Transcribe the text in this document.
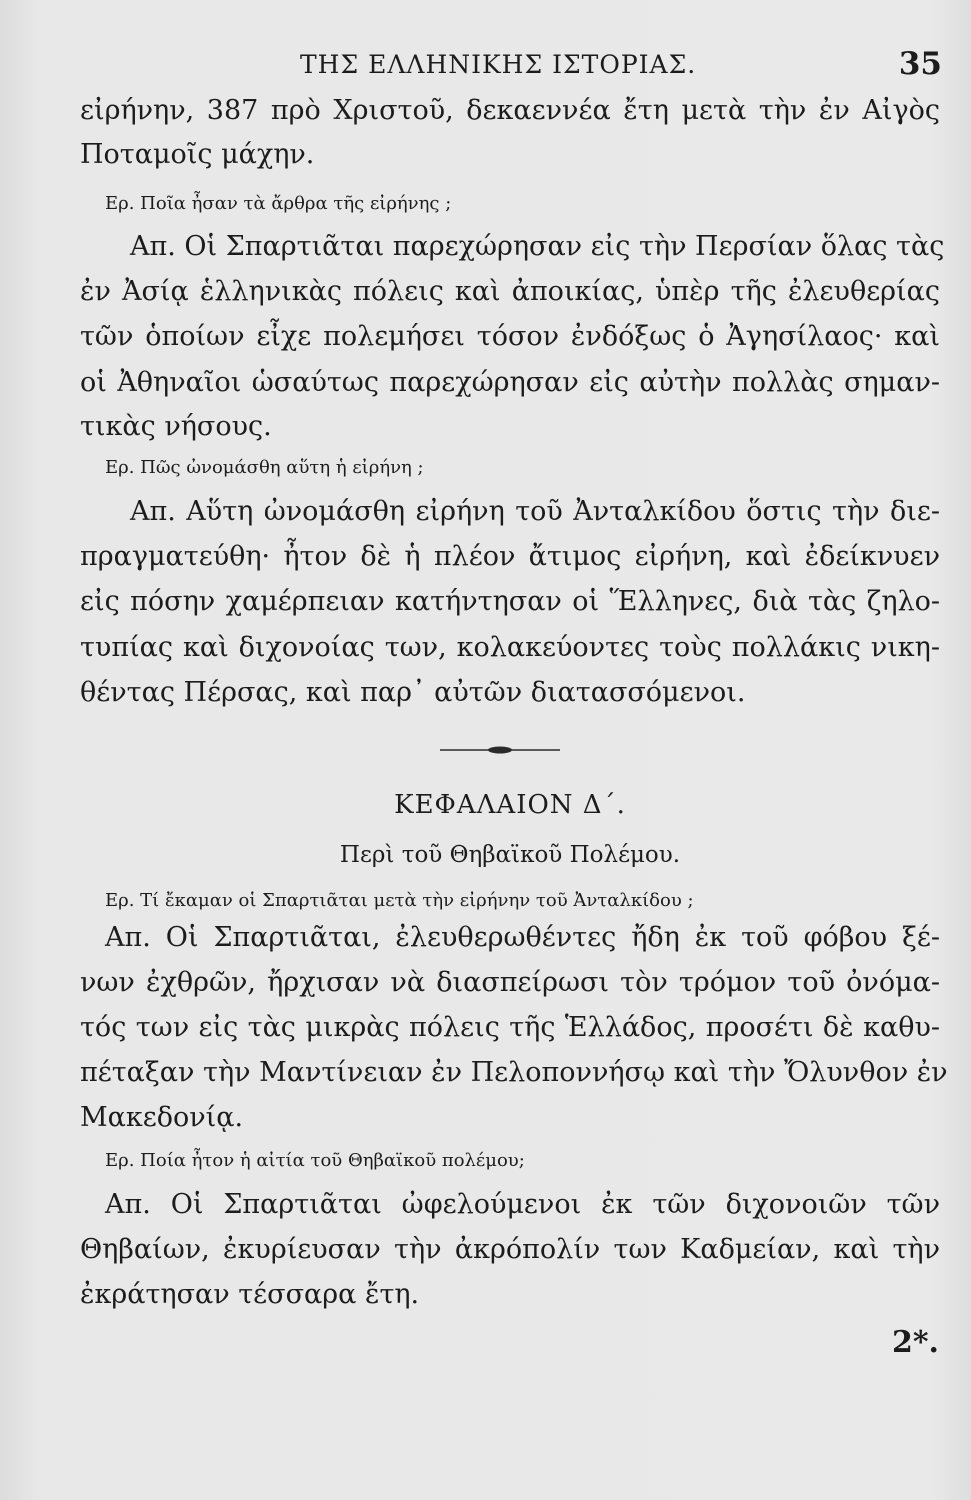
ΤΗΣ ΕΛΛΗΝΙΚΗΣ ΙΣΤΟΡΙΑΣ.	35
εἰρήνην, 387 πρὸ Χριστοῦ, δεκαεννέα ἔτη μετὰ τὴν ἐν Αἰγὸς
Ποταμοῖς μάχην.
Ερ. Ποῖα ἦσαν τὰ ἄρθρα τῆς εἰρήνης ;
Απ. Οἱ Σπαρτιᾶται παρεχώρησαν εἰς τὴν Περσίαν ὅλας τὰς
ἐν Ἀσίᾳ ἑλληνικὰς πόλεις καὶ ἀποικίας, ὑπὲρ τῆς ἐλευθερίας
τῶν ὁποίων εἶχε πολεμήσει τόσον ἐνδόξως ὁ Ἀγησίλαος· καὶ
οἱ Ἀθηναῖοι ὡσαύτως παρεχώρησαν εἰς αὐτὴν πολλὰς σημαν-
τικὰς νήσους.
Ερ. Πῶς ὠνομάσθη αὕτη ἡ εἰρήνη ;
Απ. Αὕτη ὠνομάσθη εἰρήνη τοῦ Ἀνταλκίδου ὅστις τὴν διε-
πραγματεύθη· ἦτον δὲ ἡ πλέον ἄτιμος εἰρήνη, καὶ ἐδείκνυεν
εἰς πόσην χαμέρπειαν κατήντησαν οἱ Ἕλληνες, διὰ τὰς ζηλο-
τυπίας καὶ διχονοίας των, κολακεύοντες τοὺς πολλάκις νικη-
θέντας Πέρσας, καὶ παρ᾽ αὐτῶν διατασσόμενοι.
ΚΕΦΑΛΑΙΟΝ Δ΄.
Περὶ τοῦ Θηβαϊκοῦ Πολέμου.
Ερ. Τί ἔκαμαν οἱ Σπαρτιᾶται μετὰ τὴν εἰρήνην τοῦ Ἀνταλκίδου ;
Απ. Οἱ Σπαρτιᾶται, ἐλευθερωθέντες ἤδη ἐκ τοῦ φόβου ξέ-
νων ἐχθρῶν, ἤρχισαν νὰ διασπείρωσι τὸν τρόμον τοῦ ὀνόμα-
τός των εἰς τὰς μικρὰς πόλεις τῆς Ἑλλάδος, προσέτι δὲ καθυ-
πέταξαν τὴν Μαντίνειαν ἐν Πελοποννήσῳ καὶ τὴν Ὄλυνθον ἐν
Μακεδονίᾳ.
Ερ. Ποία ἦτον ἡ αἰτία τοῦ Θηβαϊκοῦ πολέμου;
Απ. Οἱ Σπαρτιᾶται ὠφελούμενοι ἐκ τῶν διχονοιῶν τῶν
Θηβαίων, ἐκυρίευσαν τὴν ἀκρόπολίν των Καδμείαν, καὶ τὴν
ἐκράτησαν τέσσαρα ἔτη.
2*.
